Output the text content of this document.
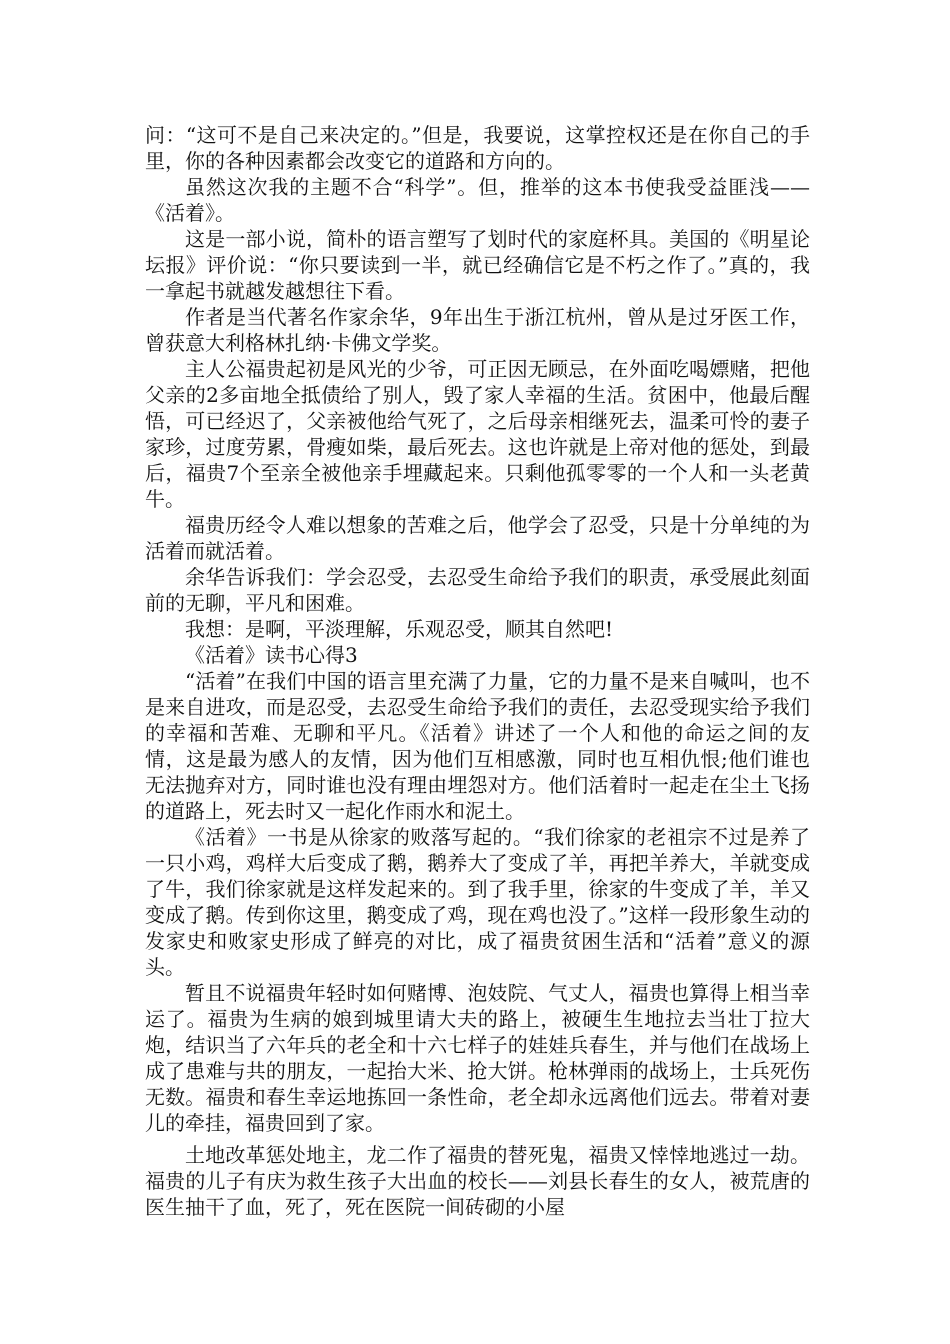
问：“这可不是自己来决定的。”但是，我要说，这掌控权还是在你自己的手里，你的各种因素都会改变它的道路和方向的。

虽然这次我的主题不合“科学”。但，推举的这本书使我受益匪浅——《活着》。

这是一部小说，简朴的语言塑写了划时代的家庭杯具。美国的《明星论坛报》评价说：“你只要读到一半，就已经确信它是不朽之作了。”真的，我一拿起书就越发越想往下看。

作者是当代著名作家余华，9年出生于浙江杭州，曾从是过牙医工作，曾获意大利格林扎纳·卡佛文学奖。

主人公福贵起初是风光的少爷，可正因无顾忌，在外面吃喝嫖赌，把他父亲的2多亩地全抵债给了别人，毁了家人幸福的生活。贫困中，他最后醒悟，可已经迟了，父亲被他给气死了，之后母亲相继死去，温柔可怜的妻子家珍，过度劳累，骨瘦如柴，最后死去。这也许就是上帝对他的惩处，到最后，福贵7个至亲全被他亲手埋藏起来。只剩他孤零零的一个人和一头老黄牛。

福贵历经令人难以想象的苦难之后，他学会了忍受，只是十分单纯的为活着而就活着。

余华告诉我们：学会忍受，去忍受生命给予我们的职责，承受展此刻面前的无聊，平凡和困难。

我想：是啊，平淡理解，乐观忍受，顺其自然吧!

《活着》读书心得3

“活着”在我们中国的语言里充满了力量，它的力量不是来自喊叫，也不是来自进攻，而是忍受，去忍受生命给予我们的责任，去忍受现实给予我们的幸福和苦难、无聊和平凡。《活着》讲述了一个人和他的命运之间的友情，这是最为感人的友情，因为他们互相感激，同时也互相仇恨;他们谁也无法抛弃对方，同时谁也没有理由埋怨对方。他们活着时一起走在尘土飞扬的道路上，死去时又一起化作雨水和泥土。

《活着》一书是从徐家的败落写起的。“我们徐家的老祖宗不过是养了一只小鸡，鸡样大后变成了鹅，鹅养大了变成了羊，再把羊养大，羊就变成了牛，我们徐家就是这样发起来的。到了我手里，徐家的牛变成了羊，羊又变成了鹅。传到你这里，鹅变成了鸡，现在鸡也没了。”这样一段形象生动的发家史和败家史形成了鲜亮的对比，成了福贵贫困生活和“活着”意义的源头。

暂且不说福贵年轻时如何赌博、泡妓院、气丈人，福贵也算得上相当幸运了。福贵为生病的娘到城里请大夫的路上，被硬生生地拉去当壮丁拉大炮，结识当了六年兵的老全和十六七样子的娃娃兵春生，并与他们在战场上成了患难与共的朋友，一起抬大米、抢大饼。枪林弹雨的战场上，士兵死伤无数。福贵和春生幸运地拣回一条性命，老全却永远离他们远去。带着对妻儿的牵挂，福贵回到了家。

土地改革惩处地主，龙二作了福贵的替死鬼，福贵又悻悻地逃过一劫。福贵的儿子有庆为救生孩子大出血的校长——刘县长春生的女人，被荒唐的医生抽干了血，死了，死在医院一间砖砌的小屋
